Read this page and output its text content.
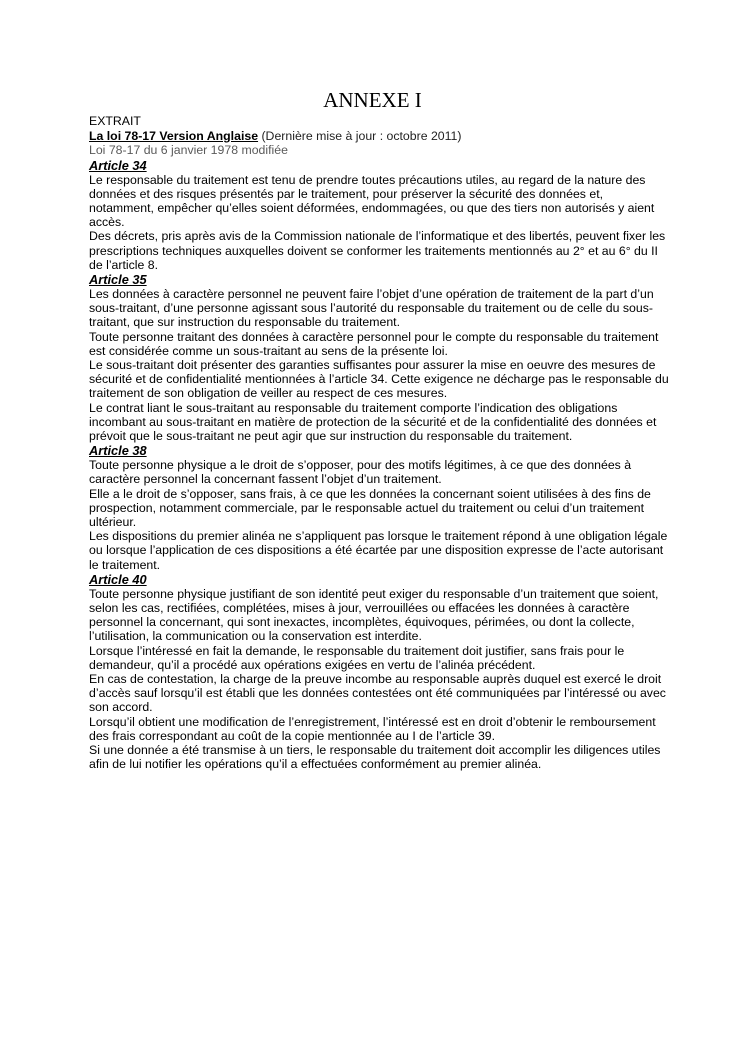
ANNEXE I

EXTRAIT

La loi 78-17 Version Anglaise (Dernière mise à jour : octobre 2011)

Loi 78-17 du 6 janvier 1978 modifiée

Article 34

Le responsable du traitement est tenu de prendre toutes précautions utiles, au regard de la nature des données et des risques présentés par le traitement, pour préserver la sécurité des données et, notamment, empêcher qu’elles soient déformées, endommagées, ou que des tiers non autorisés y aient accès.

Des décrets, pris après avis de la Commission nationale de l’informatique et des libertés, peuvent fixer les prescriptions techniques auxquelles doivent se conformer les traitements mentionnés au 2° et au 6° du II de l’article 8.

Article 35

Les données à caractère personnel ne peuvent faire l’objet d’une opération de traitement de la part d’un sous-traitant, d’une personne agissant sous l’autorité du responsable du traitement ou de celle du sous-traitant, que sur instruction du responsable du traitement.

Toute personne traitant des données à caractère personnel pour le compte du responsable du traitement est considérée comme un sous-traitant au sens de la présente loi.

Le sous-traitant doit présenter des garanties suffisantes pour assurer la mise en oeuvre des mesures de sécurité et de confidentialité mentionnées à l’article 34. Cette exigence ne décharge pas le responsable du traitement de son obligation de veiller au respect de ces mesures.

Le contrat liant le sous-traitant au responsable du traitement comporte l’indication des obligations incombant au sous-traitant en matière de protection de la sécurité et de la confidentialité des données et prévoit que le sous-traitant ne peut agir que sur instruction du responsable du traitement.

Article 38

Toute personne physique a le droit de s’opposer, pour des motifs légitimes, à ce que des données à caractère personnel la concernant fassent l’objet d’un traitement.

Elle a le droit de s’opposer, sans frais, à ce que les données la concernant soient utilisées à des fins de prospection, notamment commerciale, par le responsable actuel du traitement ou celui d’un traitement ultérieur.

Les dispositions du premier alinéa ne s’appliquent pas lorsque le traitement répond à une obligation légale ou lorsque l’application de ces dispositions a été écartée par une disposition expresse de l’acte autorisant le traitement.

Article 40

Toute personne physique justifiant de son identité peut exiger du responsable d’un traitement que soient, selon les cas, rectifiées, complétées, mises à jour, verrouillées ou effacées les données à caractère personnel la concernant, qui sont inexactes, incomplètes, équivoques, périmées, ou dont la collecte, l’utilisation, la communication ou la conservation est interdite.

Lorsque l’intéressé en fait la demande, le responsable du traitement doit justifier, sans frais pour le demandeur, qu’il a procédé aux opérations exigées en vertu de l’alinéa précédent.

En cas de contestation, la charge de la preuve incombe au responsable auprès duquel est exercé le droit d’accès sauf lorsqu’il est établi que les données contestées ont été communiquées par l’intéressé ou avec son accord.

Lorsqu’il obtient une modification de l’enregistrement, l’intéressé est en droit d’obtenir le remboursement des frais correspondant au coût de la copie mentionnée au I de l’article 39.

Si une donnée a été transmise à un tiers, le responsable du traitement doit accomplir les diligences utiles afin de lui notifier les opérations qu’il a effectuées conformément au premier alinéa.
